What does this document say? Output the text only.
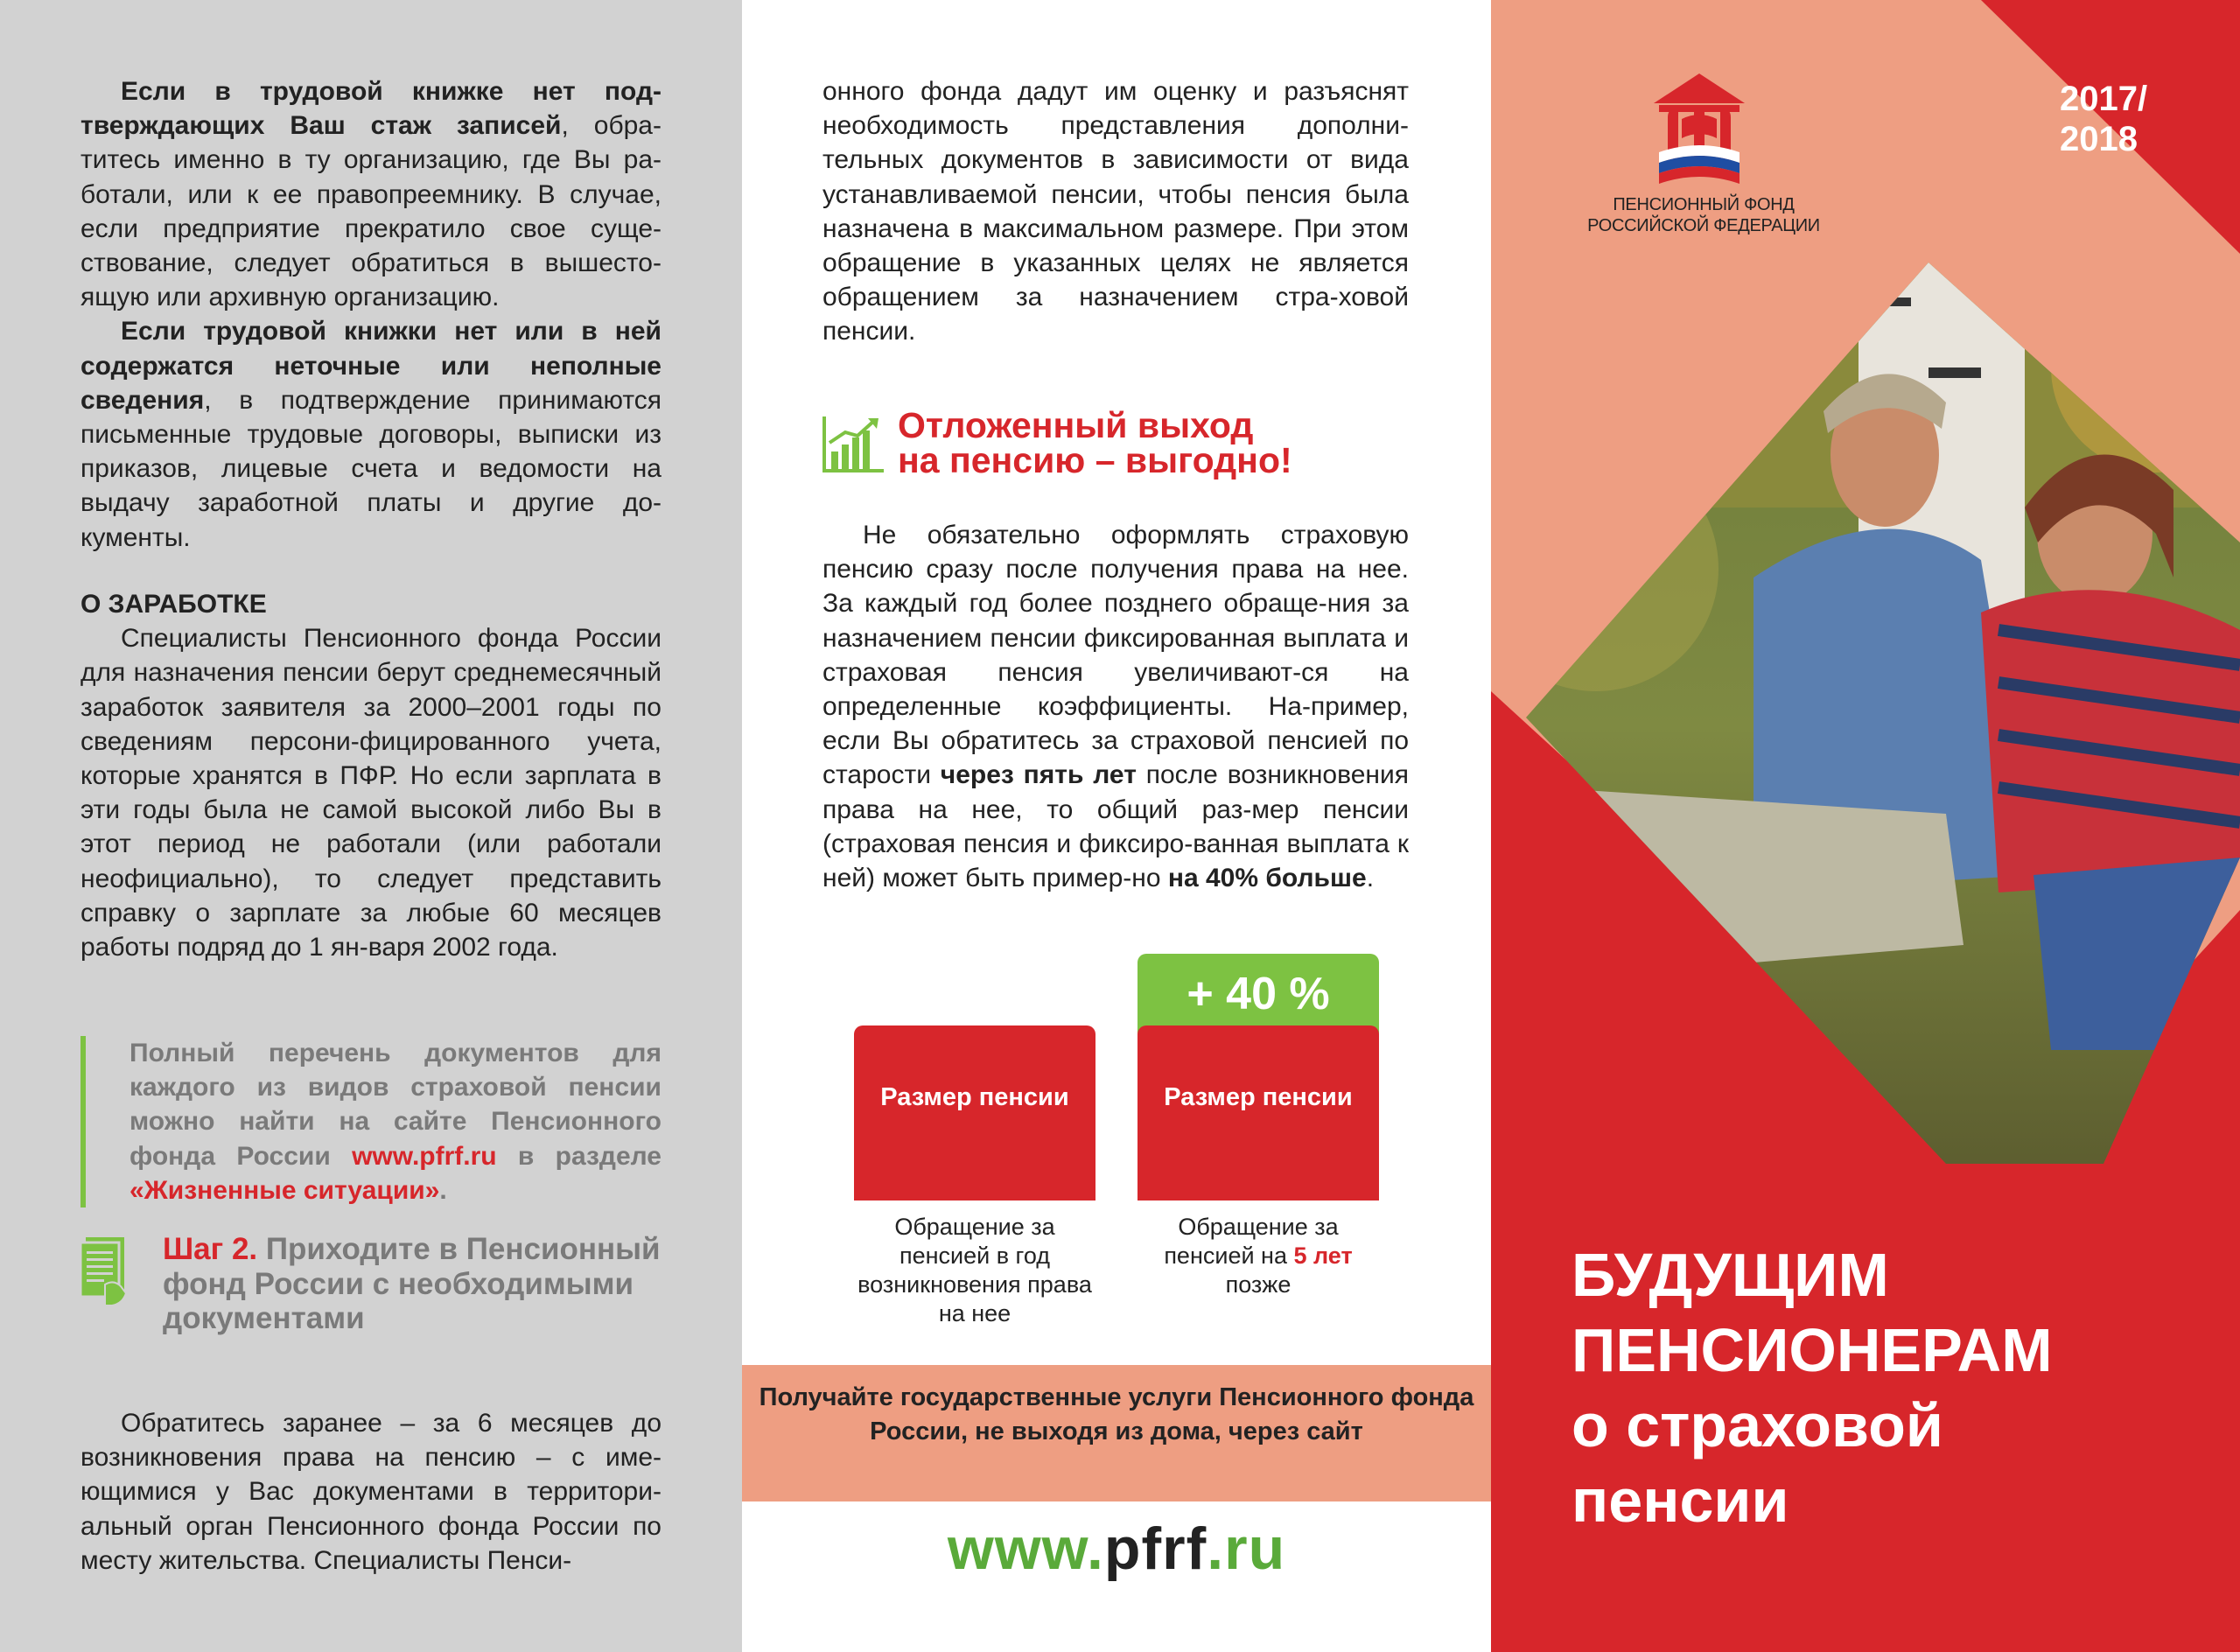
Если в трудовой книжке нет под-тверждающих Ваш стаж записей, обра-титесь именно в ту организацию, где Вы ра-ботали, или к ее правопреемнику. В случае, если предприятие прекратило свое суще-ствование, следует обратиться в вышесто-ящую или архивную организацию.

Если трудовой книжки нет или в ней содержатся неточные или неполные сведения, в подтверждение принимаются письменные трудовые договоры, выписки из приказов, лицевые счета и ведомости на выдачу заработной платы и другие до-кументы.

О ЗАРАБОТКЕ

Специалисты Пенсионного фонда России для назначения пенсии берут среднемесячный заработок заявителя за 2000–2001 годы по сведениям персони-фицированного учета, которые хранятся в ПФР. Но если зарплата в эти годы была не самой высокой либо Вы в этот период не работали (или работали неофициально), то следует представить справку о зарплате за любые 60 месяцев работы подряд до 1 ян-варя 2002 года.

Полный перечень документов для каждого из видов страховой пенсии можно найти на сайте Пенсионного фонда России www.pfrf.ru в разделе «Жизненные ситуации».
Шаг 2. Приходите в Пенсионный фонд России с необходимыми документами

Обратитесь заранее – за 6 месяцев до возникновения права на пенсию – с име-ющимися у Вас документами в территори-альный орган Пенсионного фонда России по месту жительства. Специалисты Пенси-

онного фонда дадут им оценку и разъяснят необходимость представления дополни-тельных документов в зависимости от вида устанавливаемой пенсии, чтобы пенсия была назначена в максимальном размере. При этом обращение в указанных целях не является обращением за назначением стра-ховой пенсии.

Отложенный выход
на пенсию – выгодно!

Не обязательно оформлять страховую пенсию сразу после получения права на нее. За каждый год более позднего обраще-ния за назначением пенсии фиксированная выплата и страховая пенсия увеличивают-ся на определенные коэффициенты. На-пример, если Вы обратитесь за страховой пенсией по старости через пять лет после возникновения права на нее, то общий раз-мер пенсии (страховая пенсия и фиксиро-ванная выплата к ней) может быть пример-но на 40% больше.

Размер пенсии
+ 40 %
Размер пенсии
Обращение за пенсией в год возникновения права на нее
Обращение за пенсией на 5 лет позже
Получайте государственные услуги Пенсионного фонда России, не выходя из дома, через сайт
www.pfrf.ru
2017/
2018
ПЕНСИОННЫЙ ФОНД
РОССИЙСКОЙ ФЕДЕРАЦИИ
БУДУЩИМ
ПЕНСИОНЕРАМ
о страховой
пенсии
